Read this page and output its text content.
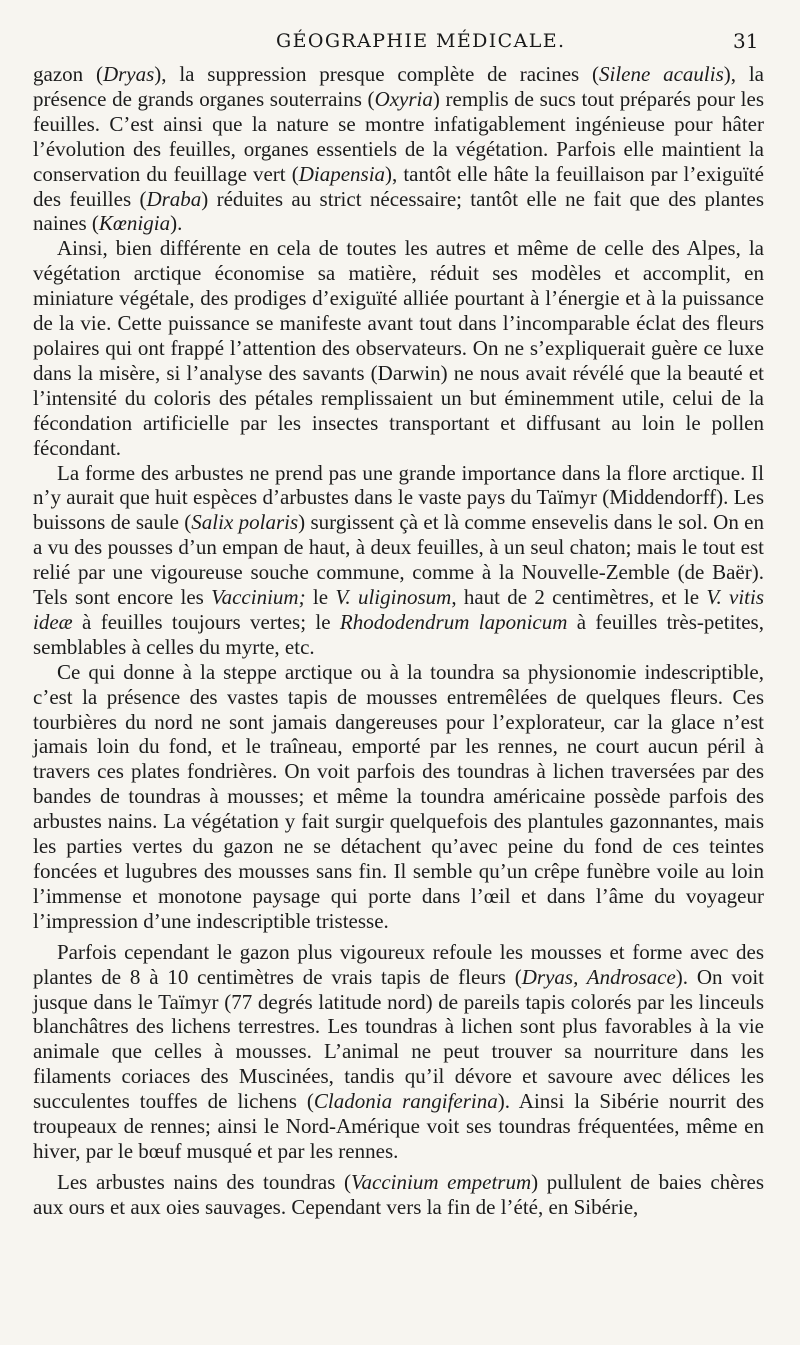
GÉOGRAPHIE MÉDICALE.	31

gazon (Dryas), la suppression presque complète de racines (Silene acaulis), la présence de grands organes souterrains (Oxyria) remplis de sucs tout préparés pour les feuilles. C’est ainsi que la nature se montre infatigablement ingénieuse pour hâter l’évolution des feuilles, organes essentiels de la végétation. Parfois elle maintient la conservation du feuillage vert (Diapensia), tantôt elle hâte la feuillaison par l’exiguïté des feuilles (Draba) réduites au strict nécessaire; tantôt elle ne fait que des plantes naines (Kœnigia).

Ainsi, bien différente en cela de toutes les autres et même de celle des Alpes, la végétation arctique économise sa matière, réduit ses modèles et accomplit, en miniature végétale, des prodiges d’exiguïté alliée pourtant à l’énergie et à la puissance de la vie. Cette puissance se manifeste avant tout dans l’incomparable éclat des fleurs polaires qui ont frappé l’attention des observateurs. On ne s’expliquerait guère ce luxe dans la misère, si l’analyse des savants (Darwin) ne nous avait révélé que la beauté et l’intensité du coloris des pétales remplissaient un but éminemment utile, celui de la fécondation artificielle par les insectes transportant et diffusant au loin le pollen fécondant.

La forme des arbustes ne prend pas une grande importance dans la flore arctique. Il n’y aurait que huit espèces d’arbustes dans le vaste pays du Taïmyr (Middendorff). Les buissons de saule (Salix polaris) surgissent çà et là comme ensevelis dans le sol. On en a vu des pousses d’un empan de haut, à deux feuilles, à un seul chaton; mais le tout est relié par une vigoureuse souche commune, comme à la Nouvelle-Zemble (de Baër). Tels sont encore les Vaccinium; le V. uliginosum, haut de 2 centimètres, et le V. vitis ideæ à feuilles toujours vertes; le Rhododendrum laponicum à feuilles très-petites, semblables à celles du myrte, etc.

Ce qui donne à la steppe arctique ou à la toundra sa physionomie indescriptible, c’est la présence des vastes tapis de mousses entremêlées de quelques fleurs. Ces tourbières du nord ne sont jamais dangereuses pour l’explorateur, car la glace n’est jamais loin du fond, et le traîneau, emporté par les rennes, ne court aucun péril à travers ces plates fondrières. On voit parfois des toundras à lichen traversées par des bandes de toundras à mousses; et même la toundra américaine possède parfois des arbustes nains. La végétation y fait surgir quelquefois des plantules gazonnantes, mais les parties vertes du gazon ne se détachent qu’avec peine du fond de ces teintes foncées et lugubres des mousses sans fin. Il semble qu’un crêpe funèbre voile au loin l’immense et monotone paysage qui porte dans l’œil et dans l’âme du voyageur l’impression d’une indescriptible tristesse.

Parfois cependant le gazon plus vigoureux refoule les mousses et forme avec des plantes de 8 à 10 centimètres de vrais tapis de fleurs (Dryas, Androsace). On voit jusque dans le Taïmyr (77 degrés latitude nord) de pareils tapis colorés par les linceuls blanchâtres des lichens terrestres. Les toundras à lichen sont plus favorables à la vie animale que celles à mousses. L’animal ne peut trouver sa nourriture dans les filaments coriaces des Muscinées, tandis qu’il dévore et savoure avec délices les succulentes touffes de lichens (Cladonia rangiferina). Ainsi la Sibérie nourrit des troupeaux de rennes; ainsi le Nord-Amérique voit ses toundras fréquentées, même en hiver, par le bœuf musqué et par les rennes.

Les arbustes nains des toundras (Vaccinium empetrum) pullulent de baies chères aux ours et aux oies sauvages. Cependant vers la fin de l’été, en Sibérie,
